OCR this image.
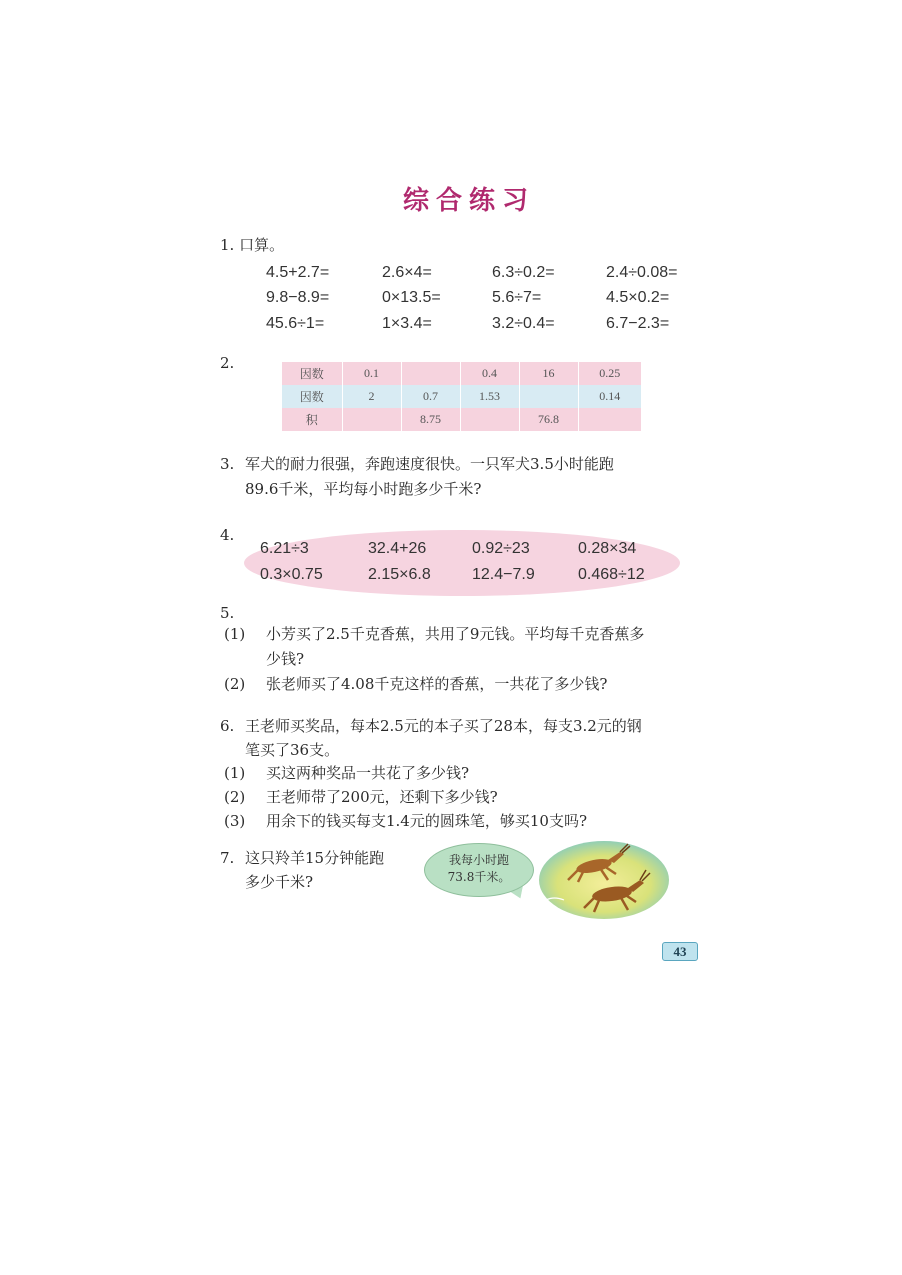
综合练习
1. 口算。
4.5+2.7=	2.6×4=	6.3÷0.2=	2.4÷0.08=
9.8−8.9=	0×13.5=	5.6÷7=	4.5×0.2=
45.6÷1=	1×3.4=	3.2÷0.4=	6.7−2.3=
2.
因数	0.1		0.4	16	0.25
因数	2	0.7	1.53		0.14
积		8.75		76.8	
3. 军犬的耐力很强，奔跑速度很快。一只军犬3.5小时能跑
89.6千米，平均每小时跑多少千米?
4.
6.21÷3	32.4+26	0.92÷23	0.28×34
0.3×0.75	2.15×6.8	12.4−7.9	0.468÷12
5.
(1) 小芳买了2.5千克香蕉，共用了9元钱。平均每千克香蕉多
少钱?
(2) 张老师买了4.08千克这样的香蕉，一共花了多少钱?
6. 王老师买奖品，每本2.5元的本子买了28本，每支3.2元的钢
笔买了36支。
(1) 买这两种奖品一共花了多少钱?
(2) 王老师带了200元，还剩下多少钱?
(3) 用余下的钱买每支1.4元的圆珠笔，够买10支吗?
7. 这只羚羊15分钟能跑
多少千米?
我每小时跑
73.8千米。
43
